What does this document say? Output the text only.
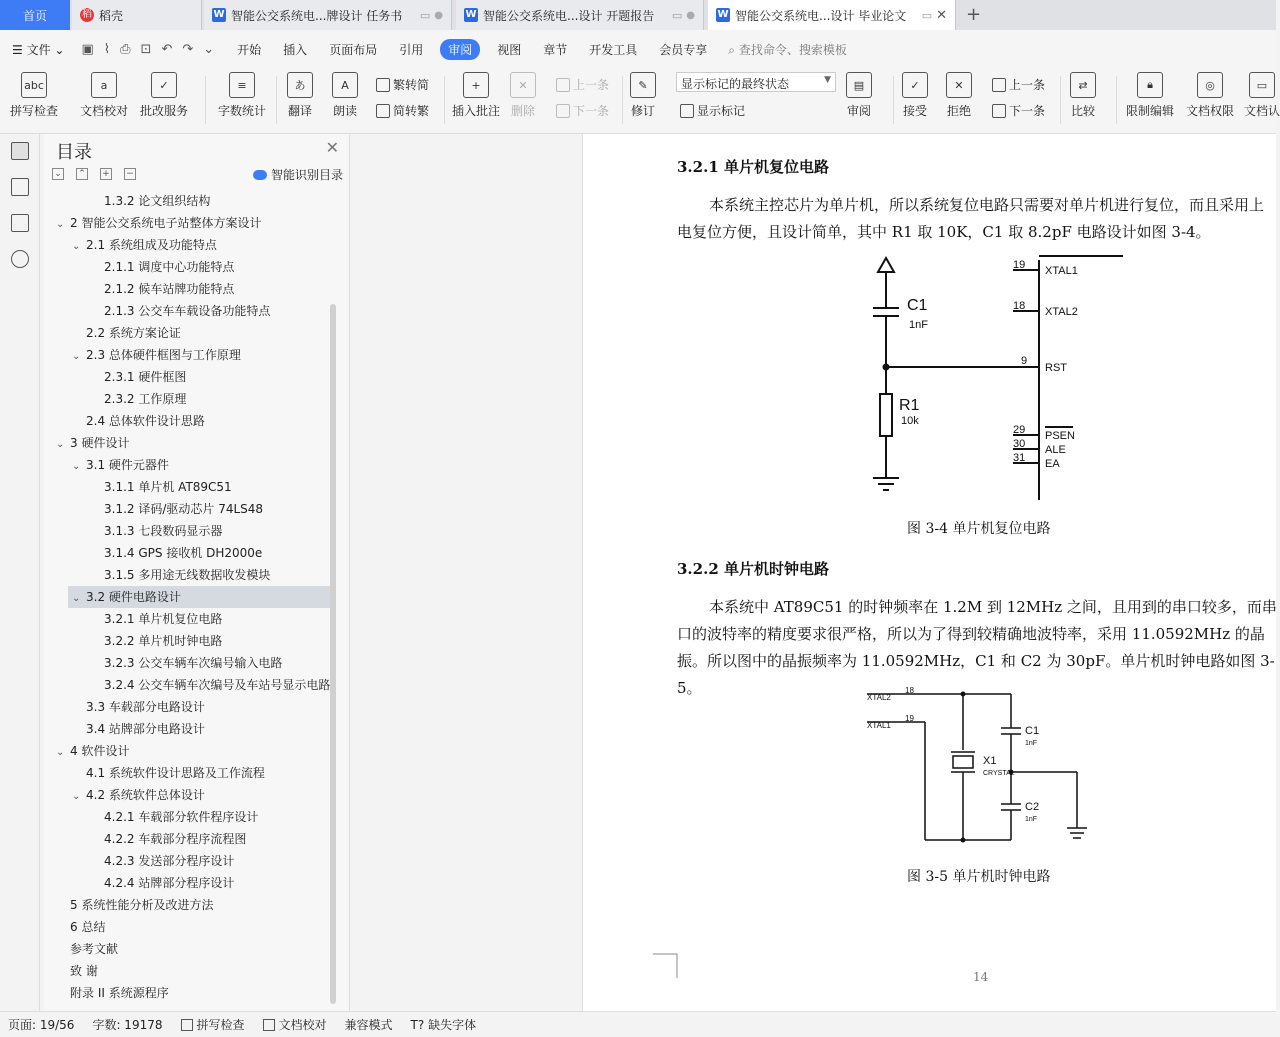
首页	稻 稻壳	W 智能公交系统电...牌设计 任务书	▭ ● W 智能公交系统电...设计 开题报告	▭ ● W 智能公交系统电...设计 毕业论文	▭ ✕ +
☰ 文件 ⌄	▣ ⌇ ⎙ ⊡ ↶ ↷ ⌄	开始	插入	页面布局	引用	审阅	视图	章节	开发工具	会员专享	⌕ 查找命令、搜索模板
abc
拼写检查
a
文档校对
✓
批改服务
≡
字数统计
あ
翻译
A
朗读
繁转简
简转繁
+
插入批注
✕
删除
上一条
下一条
✎
修订	显示标记
▤
审阅
✓
接受
✕
拒绝
上一条
下一条
⇄
比较
🔒︎
限制编辑
◎
文档权限
▭
文档认
显示标记的最终状态	▼
目录	✕
⌄ ⌃ + −	智能识别目录
1.3.2 论文组织结构
⌄ 2 智能公交系统电子站整体方案设计
⌄ 2.1 系统组成及功能特点
2.1.1 调度中心功能特点
2.1.2 候车站牌功能特点
2.1.3 公交车车载设备功能特点
2.2 系统方案论证
⌄ 2.3 总体硬件框图与工作原理
2.3.1 硬件框图
2.3.2 工作原理
2.4 总体软件设计思路
⌄ 3 硬件设计
⌄ 3.1 硬件元器件
3.1.1 单片机 AT89C51
3.1.2 译码/驱动芯片 74LS48
3.1.3 七段数码显示器
3.1.4 GPS 接收机 DH2000e
3.1.5 多用途无线数据收发模块
⌄ 3.2 硬件电路设计
3.2.1 单片机复位电路
3.2.2 单片机时钟电路
3.2.3 公交车辆车次编号输入电路
3.2.4 公交车辆车次编号及车站号显示电路
3.3 车载部分电路设计
3.4 站牌部分电路设计
⌄ 4 软件设计
4.1 系统软件设计思路及工作流程
⌄ 4.2 系统软件总体设计
4.2.1 车载部分软件程序设计
4.2.2 车载部分程序流程图
4.2.3 发送部分程序设计
4.2.4 站牌部分程序设计
5 系统性能分析及改进方法
6 总结
参考文献
致 谢
附录 II 系统源程序
3.2.1 单片机复位电路
本系统主控芯片为单片机，所以系统复位电路只需要对单片机进行复位，而且采用上电复位方便，且设计简单，其中 R1 取 10K，C1 取 8.2pF 电路设计如图 3-4。
C1
1nF
R1
10k
19
18
9
29
30
31
XTAL1
XTAL2
RST
PSEN
ALE
EA
图 3-4 单片机复位电路
3.2.2 单片机时钟电路
本系统中 AT89C51 的时钟频率在 1.2M 到 12MHz 之间，且用到的串口较多，而串口的波特率的精度要求很严格，所以为了得到较精确地波特率，采用 11.0592MHz 的晶振。所以图中的晶振频率为 11.0592MHz，C1 和 C2 为 30pF。单片机时钟电路如图 3-5。
XTAL2
XTAL1
18
19
C1
1nF
X1
CRYSTAL
C2
1nF
图 3-5 单片机时钟电路
14
页面: 19/56 字数: 19178	拼写检查	文档校对 兼容模式 T?
缺失字体
